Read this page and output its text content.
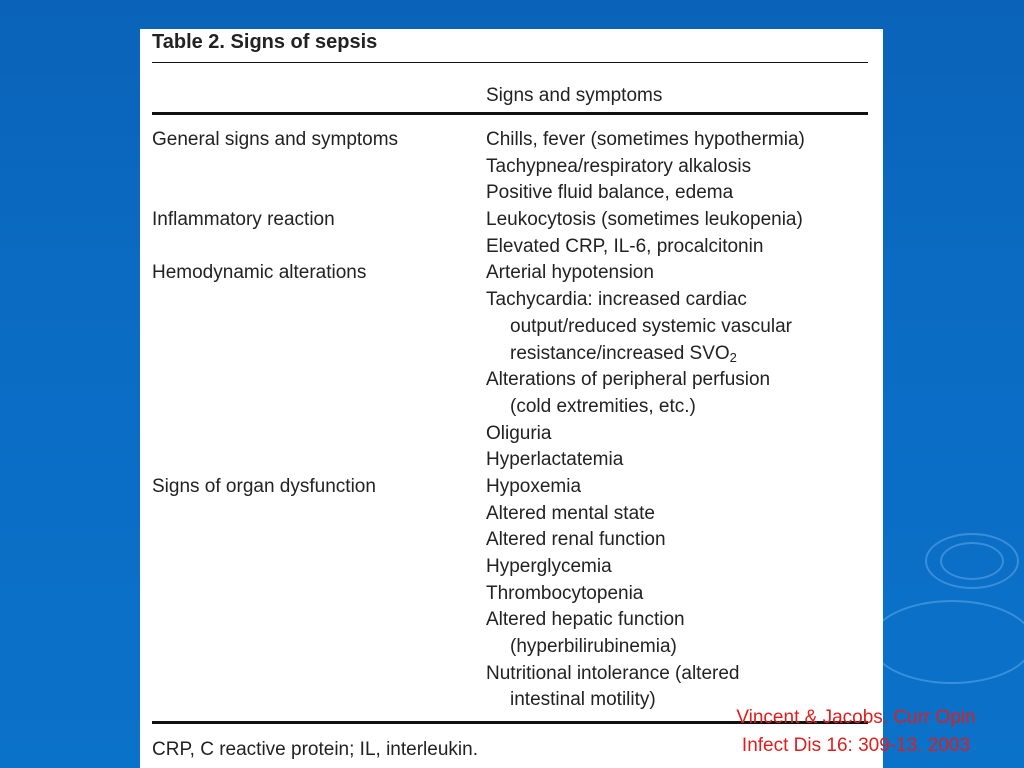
Table 2. Signs of sepsis
Signs and symptoms
General signs and symptoms	Chills, fever (sometimes hypothermia)
Tachypnea/respiratory alkalosis
Positive fluid balance, edema
Inflammatory reaction	Leukocytosis (sometimes leukopenia)
Elevated CRP, IL-6, procalcitonin
Hemodynamic alterations	Arterial hypotension
Tachycardia: increased cardiac
output/reduced systemic vascular
resistance/increased $SVO_2$
Alterations of peripheral perfusion
(cold extremities, etc.)
Oliguria
Hyperlactatemia
Signs of organ dysfunction	Hypoxemia
Altered mental state
Altered renal function
Hyperglycemia
Thrombocytopenia
Altered hepatic function
(hyperbilirubinemia)
Nutritional intolerance (altered
intestinal motility)
CRP, C reactive protein; IL, interleukin.
Vincent & Jacobs. Curr Opin
Infect Dis 16: 309-13. 2003
